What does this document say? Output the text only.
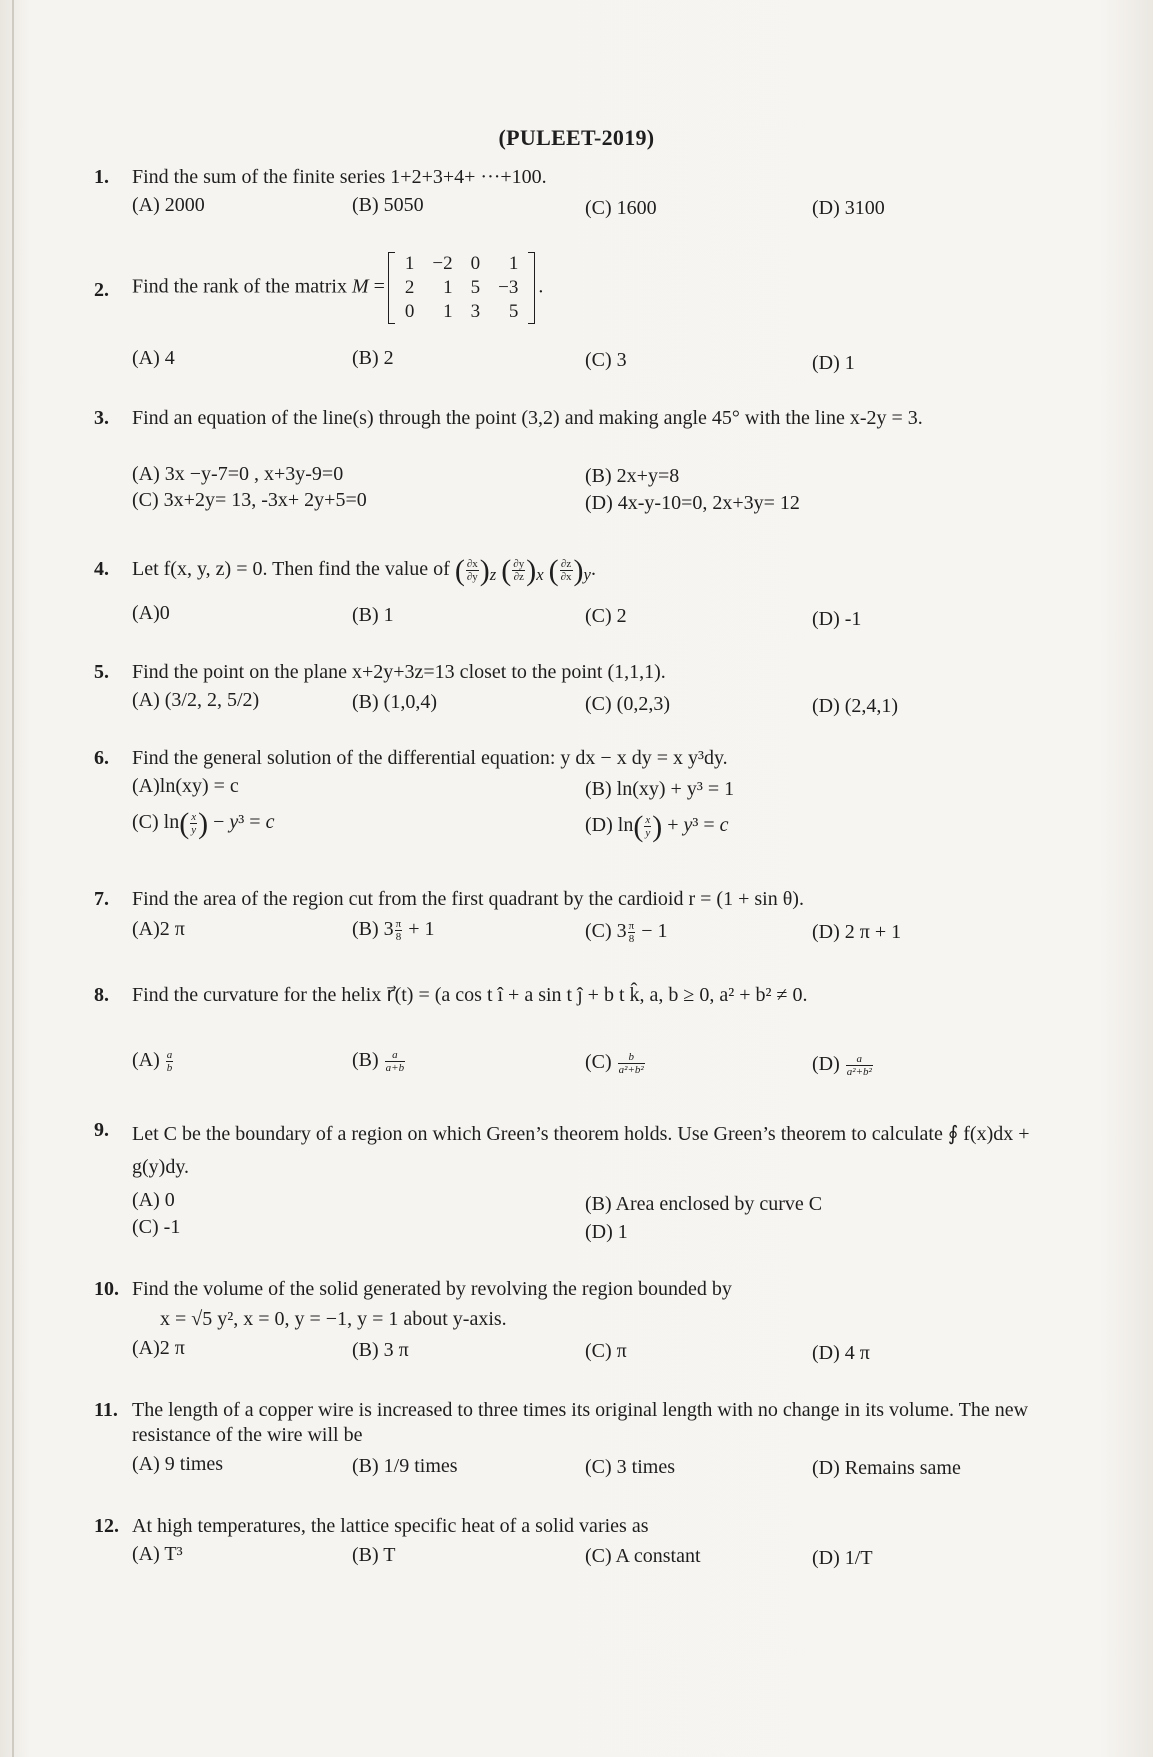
(PULEET-2019)
1. Find the sum of the finite series 1+2+3+4+ ···+100.
(A) 2000	(B) 5050	(C) 1600	(D) 3100
2. Find the rank of the matrix M =
1	−2	0	1
2	1	5	−3
0	1	3	5
.
(A) 4	(B) 2	(C) 3	(D) 1
3. Find an equation of the line(s) through the point (3,2) and making angle 45° with the line x-2y = 3.
(A) 3x −y-7=0 , x+3y-9=0	(B) 2x+y=8
(C) 3x+2y= 13, -3x+ 2y+5=0	(D) 4x-y-10=0, 2x+3y= 12
4. Let f(x, y, z) = 0. Then find the value of ( $\frac{\partial x}{\partial y} )_z$ ( $\frac{\partial y}{\partial z} )_x$ ( $\frac{\partial z}{\partial x} )_y$.
(A)0	(B) 1	(C) 2	(D) -1
5. Find the point on the plane x+2y+3z=13 closet to the point (1,1,1).
(A) (3/2, 2, 5/2)	(B) (1,0,4)	(C) (0,2,3)	(D) (2,4,1)
6. Find the general solution of the differential equation: y dx − x dy = x y³dy.
(A)ln(xy) = c	(B) ln(xy) + y³ = 1
(C) $\ln( \frac{x}{y}$ ) − y³ = c	(D) $\ln( \frac{x}{y}$ ) + y³ = c
7. Find the area of the region cut from the first quadrant by the cardioid r = (1 + sin θ).
(A)2 π	(B) $3 \frac{\pi}{8} + 1$	(C) $3 \frac{\pi}{8} - 1$	(D) 2 π + 1
8. Find the curvature for the helix r⃗(t) = (a cos t î + a sin t ĵ + b t k̂, a, b ≥ 0, a² + b² ≠ 0.
$(A) \frac{a}{b}$	$(B) \frac{a}{a+b}$	$(C) \frac{b}{\text{a²+b²}}$	$(D) \frac{a}{\text{a²+b²}}$
9. Let C be the boundary of a region on which Green’s theorem holds. Use Green’s theorem to calculate ∮ f(x)dx + g(y)dy.
(A) 0	(B) Area enclosed by curve C
(C) -1	(D) 1
10. Find the volume of the solid generated by revolving the region bounded by
x = √5 y², x = 0, y = −1, y = 1 about y-axis.
(A)2 π	(B) 3 π	(C) π	(D) 4 π
11. The length of a copper wire is increased to three times its original length with no change in its volume. The new resistance of the wire will be
(A) 9 times	(B) 1/9 times	(C) 3 times	(D) Remains same
12. At high temperatures, the lattice specific heat of a solid varies as
(A) T³	(B) T	(C) A constant	(D) 1/T
